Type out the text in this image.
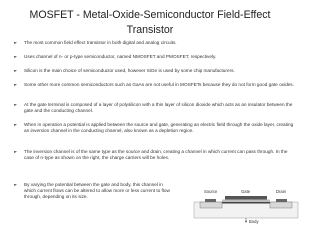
MOSFET - Metal-Oxide-Semiconductor Field-Effect
Transistor
The most common field effect transistor in both digital and analog circuits.
Uses channel of n- or p-type semiconductor, named NMOSFET and PMOSFET, respectively.
Silicon is the main choice of semiconductor used, however SiGe is used by some chip manufacturers.
Some other more common semiconductors such as GaAs are not useful in MOSFETs because they do not form good gate oxides.
At the gate terminal is composed of a layer of polysilicon with a thin layer of silicon dioxide which acts as an insulator between the gate and the conducting channel.
When in operation a potential is applied between the source and gate, generating an electric field through the oxide layer, creating an inversion channel in the conducting channel, also known as a depletion region.
The inversion channel is of the same type as the source and drain, creating a channel in which current can pass through. In the case of n-type as shown on the right, the charge carriers will be holes.
By varying the potential between the gate and body, this channel in which current flows can be altered to allow more or less current to flow through, depending on its size.
Source	Gate	Drain
Body
